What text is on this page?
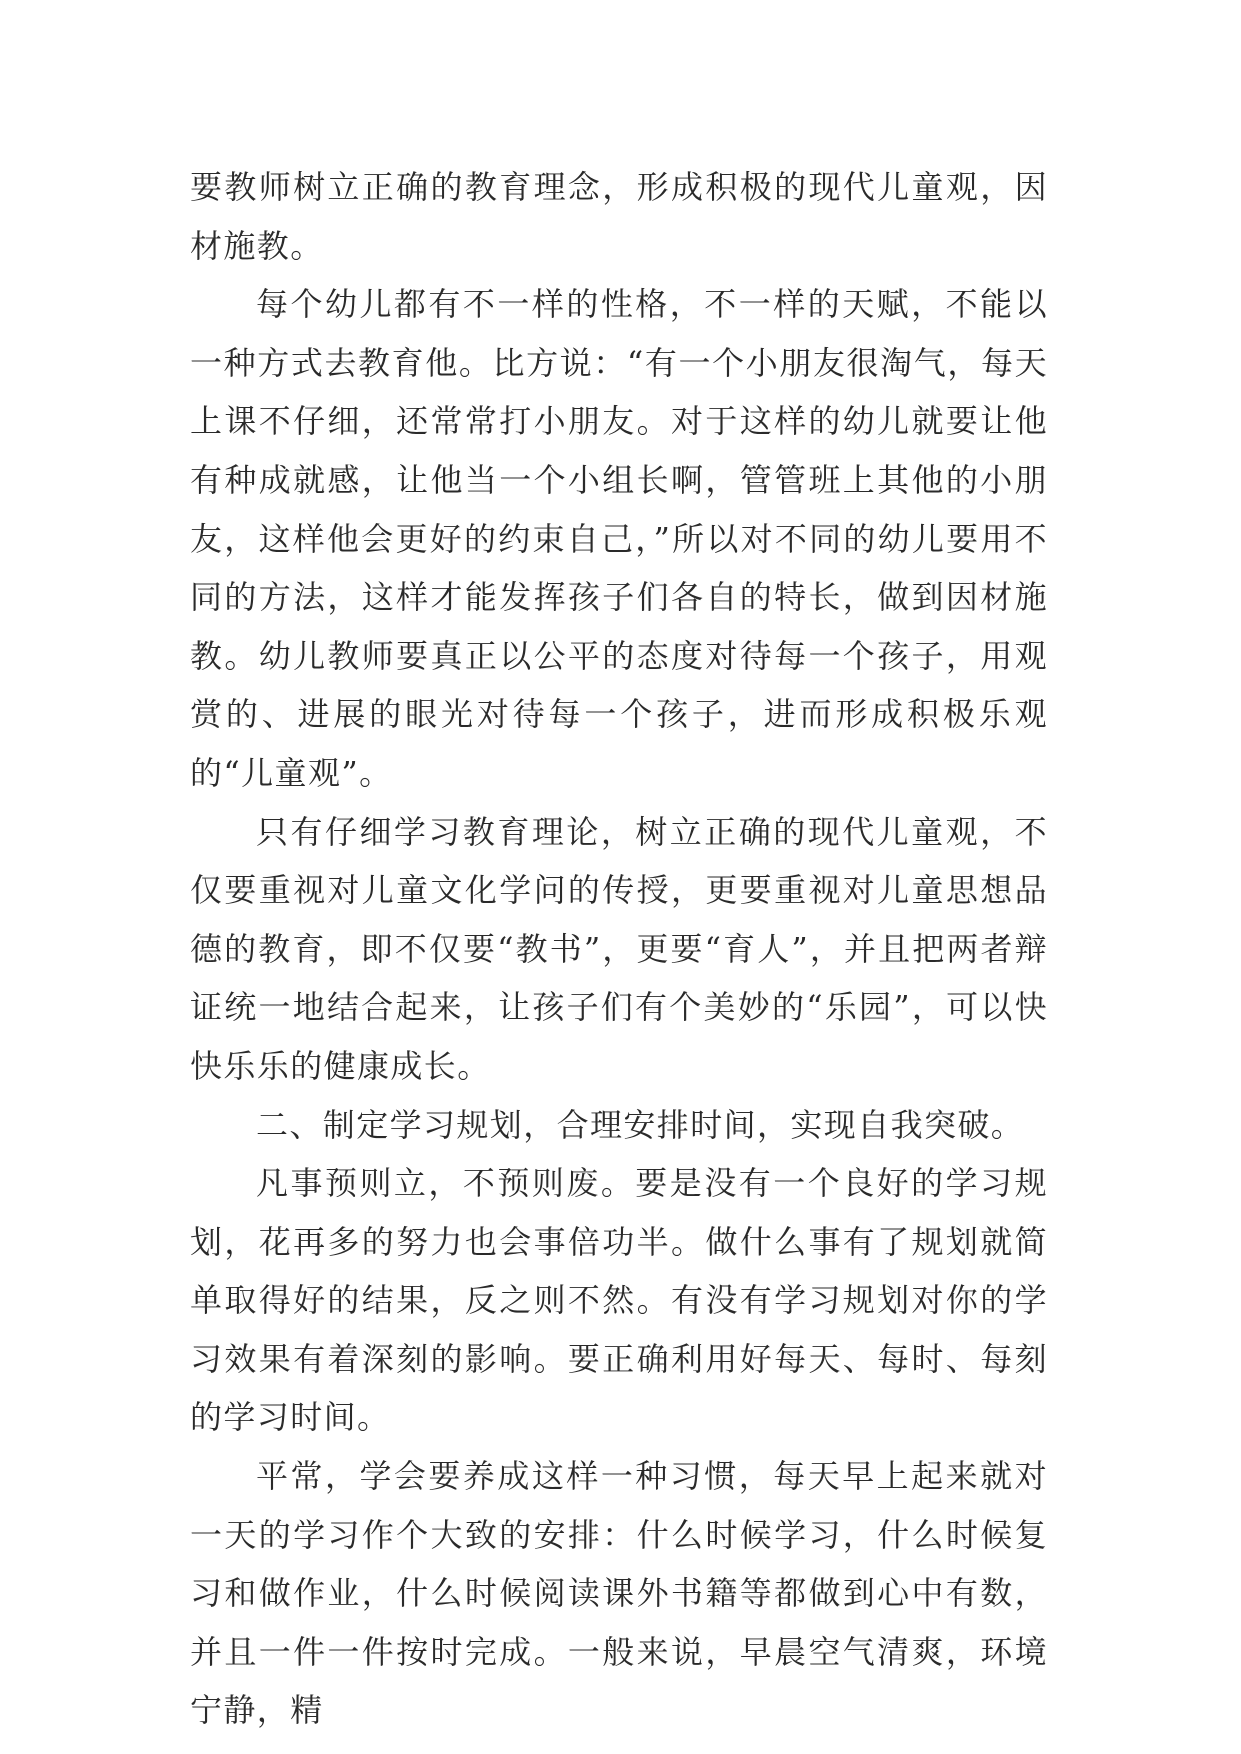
要教师树立正确的教育理念，形成积极的现代儿童观，因材施教。

每个幼儿都有不一样的性格，不一样的天赋，不能以一种方式去教育他。比方说：“有一个小朋友很淘气，每天上课不仔细，还常常打小朋友。对于这样的幼儿就要让他有种成就感，让他当一个小组长啊，管管班上其他的小朋友，这样他会更好的约束自己，”所以对不同的幼儿要用不同的方法，这样才能发挥孩子们各自的特长，做到因材施教。幼儿教师要真正以公平的态度对待每一个孩子，用观赏的、进展的眼光对待每一个孩子，进而形成积极乐观的“儿童观”。

只有仔细学习教育理论，树立正确的现代儿童观，不仅要重视对儿童文化学问的传授，更要重视对儿童思想品德的教育，即不仅要“教书”，更要“育人”，并且把两者辩证统一地结合起来，让孩子们有个美妙的“乐园”，可以快快乐乐的健康成长。

二、制定学习规划，合理安排时间，实现自我突破。

凡事预则立，不预则废。要是没有一个良好的学习规划，花再多的努力也会事倍功半。做什么事有了规划就简单取得好的结果，反之则不然。有没有学习规划对你的学习效果有着深刻的影响。要正确利用好每天、每时、每刻的学习时间。

平常，学会要养成这样一种习惯，每天早上起来就对一天的学习作个大致的安排：什么时候学习，什么时候复习和做作业，什么时候阅读课外书籍等都做到心中有数，并且一件一件按时完成。一般来说，早晨空气清爽，环境宁静，精
